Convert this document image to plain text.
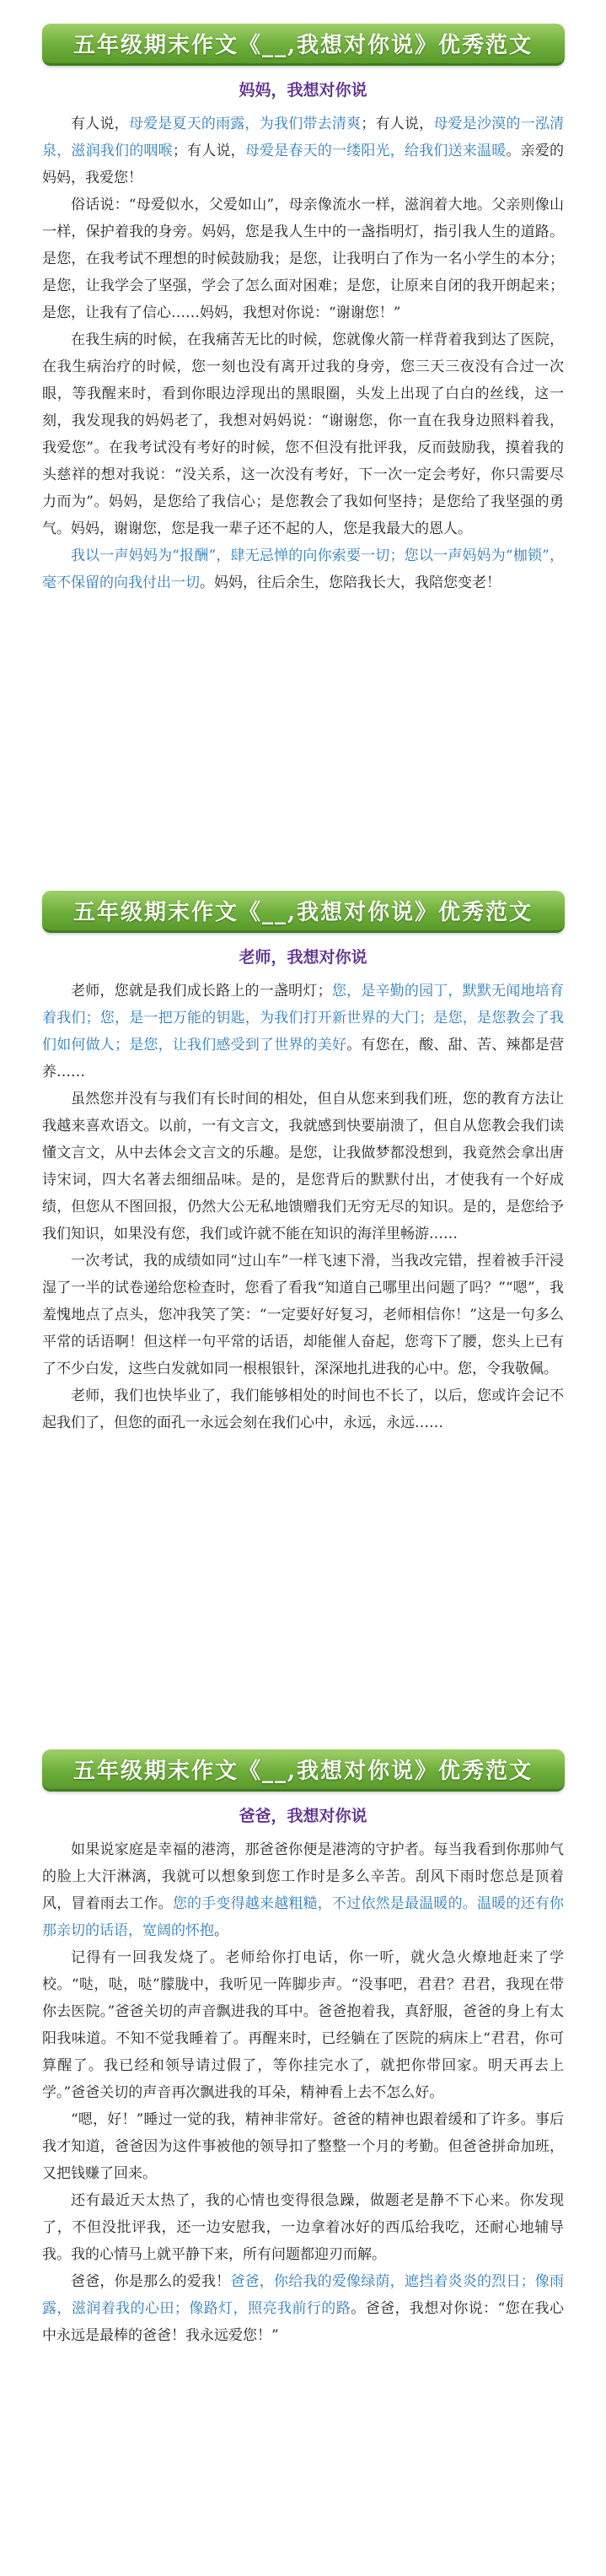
五年级期末作文《__,我想对你说》优秀范文
妈妈，我想对你说

有人说，母爱是夏天的雨露，为我们带去清爽；有人说，母爱是沙漠的一泓清泉，滋润我们的咽喉；有人说，母爱是春天的一缕阳光，给我们送来温暖。亲爱的妈妈，我爱您！

俗话说：“母爱似水，父爱如山”，母亲像流水一样，滋润着大地。父亲则像山一样，保护着我的身旁。妈妈，您是我人生中的一盏指明灯，指引我人生的道路。是您，在我考试不理想的时候鼓励我；是您，让我明白了作为一名小学生的本分；是您，让我学会了坚强，学会了怎么面对困难；是您，让原来自闭的我开朗起来；是您，让我有了信心……妈妈，我想对你说：“谢谢您！”

在我生病的时候，在我痛苦无比的时候，您就像火箭一样背着我到达了医院，在我生病治疗的时候，您一刻也没有离开过我的身旁，您三天三夜没有合过一次眼，等我醒来时，看到你眼边浮现出的黑眼圈，头发上出现了白白的丝线，这一刻，我发现我的妈妈老了，我想对妈妈说：“谢谢您，你一直在我身边照料着我，我爱您”。在我考试没有考好的时候，您不但没有批评我，反而鼓励我，摸着我的头慈祥的想对我说：“没关系，这一次没有考好，下一次一定会考好，你只需要尽力而为”。妈妈，是您给了我信心；是您教会了我如何坚持；是您给了我坚强的勇气。妈妈，谢谢您，您是我一辈子还不起的人，您是我最大的恩人。

我以一声妈妈为“报酬”，肆无忌惮的向你索要一切；您以一声妈妈为“枷锁”，毫不保留的向我付出一切。妈妈，往后余生，您陪我长大，我陪您变老！

五年级期末作文《__,我想对你说》优秀范文
老师，我想对你说

老师，您就是我们成长路上的一盏明灯；您，是辛勤的园丁，默默无闻地培育着我们；您，是一把万能的钥匙，为我们打开新世界的大门；是您，是您教会了我们如何做人；是您，让我们感受到了世界的美好。有您在，酸、甜、苦、辣都是营养……

虽然您并没有与我们有长时间的相处，但自从您来到我们班，您的教育方法让我越来喜欢语文。以前，一有文言文，我就感到快要崩溃了，但自从您教会我们读懂文言文，从中去体会文言文的乐趣。是您，让我做梦都没想到，我竟然会拿出唐诗宋词，四大名著去细细品味。是的，是您背后的默默付出，才使我有一个好成绩，但您从不图回报，仍然大公无私地馈赠我们无穷无尽的知识。是的，是您给予我们知识，如果没有您，我们或许就不能在知识的海洋里畅游……

一次考试，我的成绩如同“过山车”一样飞速下滑，当我改完错，捏着被手汗浸湿了一半的试卷递给您检查时，您看了看我“知道自己哪里出问题了吗？”“嗯”，我羞愧地点了点头，您冲我笑了笑：“一定要好好复习，老师相信你！”这是一句多么平常的话语啊！但这样一句平常的话语，却能催人奋起，您弯下了腰，您头上已有了不少白发，这些白发就如同一根根银针，深深地扎进我的心中。您，令我敬佩。

老师，我们也快毕业了，我们能够相处的时间也不长了，以后，您或许会记不起我们了，但您的面孔一永远会刻在我们心中，永远，永远……

五年级期末作文《__,我想对你说》优秀范文
爸爸，我想对你说

如果说家庭是幸福的港湾，那爸爸你便是港湾的守护者。每当我看到你那帅气的脸上大汗淋漓，我就可以想象到您工作时是多么辛苦。刮风下雨时您总是顶着风，冒着雨去工作。您的手变得越来越粗糙，不过依然是最温暖的。温暖的还有你那亲切的话语，宽阔的怀抱。

记得有一回我发烧了。老师给你打电话，你一听，就火急火燎地赶来了学校。“哒，哒，哒”朦胧中，我听见一阵脚步声。“没事吧，君君？君君，我现在带你去医院。”爸爸关切的声音飘进我的耳中。爸爸抱着我，真舒服，爸爸的身上有太阳我味道。不知不觉我睡着了。再醒来时，已经躺在了医院的病床上“君君，你可算醒了。我已经和领导请过假了，等你挂完水了，就把你带回家。明天再去上学。”爸爸关切的声音再次飘进我的耳朵，精神看上去不怎么好。

“嗯，好！”睡过一觉的我，精神非常好。爸爸的精神也跟着缓和了许多。事后我才知道，爸爸因为这件事被他的领导扣了整整一个月的考勤。但爸爸拼命加班，又把钱赚了回来。

还有最近天太热了，我的心情也变得很急躁，做题老是静不下心来。你发现了，不但没批评我，还一边安慰我，一边拿着冰好的西瓜给我吃，还耐心地辅导我。我的心情马上就平静下来，所有问题都迎刃而解。

爸爸，你是那么的爱我！爸爸，你给我的爱像绿荫，遮挡着炎炎的烈日；像雨露，滋润着我的心田；像路灯，照亮我前行的路。爸爸，我想对你说：“您在我心中永远是最棒的爸爸！我永远爱您！”
